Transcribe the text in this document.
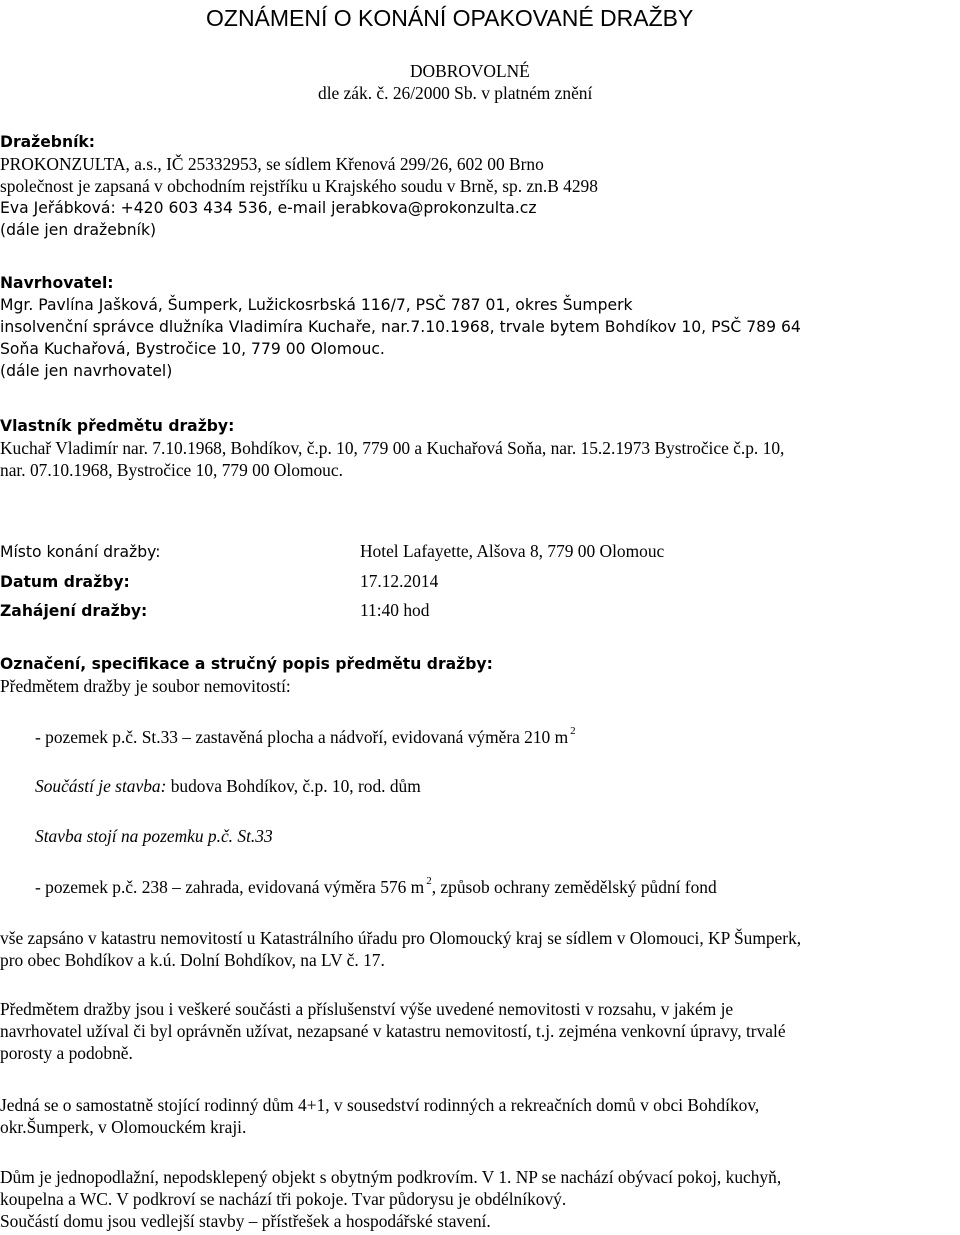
OZNÁMENÍ O KONÁNÍ OPAKOVANÉ DRAŽBY
DOBROVOLNÉ
dle zák. č. 26/2000 Sb. v platném znění
Dražebník:
PROKONZULTA, a.s., IČ 25332953, se sídlem Křenová 299/26, 602 00 Brno
společnost je zapsaná v obchodním rejstříku u Krajského soudu v Brně, sp. zn.B 4298
Eva Jeřábková: +420 603 434 536, e-mail jerabkova@prokonzulta.cz
(dále jen dražebník)
Navrhovatel:
Mgr. Pavlína Jašková, Šumperk, Lužickosrbská 116/7, PSČ 787 01, okres Šumperk
insolvenční správce dlužníka Vladimíra Kuchaře, nar.7.10.1968, trvale bytem Bohdíkov 10, PSČ 789 64
Soňa Kuchařová, Bystročice 10, 779 00 Olomouc.
(dále jen navrhovatel)
Vlastník předmětu dražby:
Kuchař Vladimír nar. 7.10.1968, Bohdíkov, č.p. 10, 779 00 a Kuchařová Soňa, nar. 15.2.1973 Bystročice č.p. 10,
nar. 07.10.1968, Bystročice 10, 779 00 Olomouc.
Místo konání dražby:	Hotel Lafayette, Alšova 8, 779 00 Olomouc
Datum dražby:	17.12.2014
Zahájení dražby:	11:40 hod
Označení, specifikace a stručný popis předmětu dražby:
Předmětem dražby je soubor nemovitostí:
- pozemek p.č. St.33 – zastavěná plocha a nádvoří, evidovaná výměra 210 m $^2$
Součástí je stavba: budova Bohdíkov, č.p. 10, rod. dům
Stavba stojí na pozemku p.č. St.33
- pozemek p.č. 238 – zahrada, evidovaná výměra 576 m $^2$, způsob ochrany zemědělský půdní fond
vše zapsáno v katastru nemovitostí u Katastrálního úřadu pro Olomoucký kraj se sídlem v Olomouci, KP Šumperk,
pro obec Bohdíkov a k.ú. Dolní Bohdíkov, na LV č. 17.
Předmětem dražby jsou i veškeré součásti a příslušenství výše uvedené nemovitosti v rozsahu, v jakém je
navrhovatel užíval či byl oprávněn užívat, nezapsané v katastru nemovitostí, t.j. zejména venkovní úpravy, trvalé
porosty a podobně.
Jedná se o samostatně stojící rodinný dům 4+1, v sousedství rodinných a rekreačních domů v obci Bohdíkov,
okr.Šumperk, v Olomouckém kraji.
Dům je jednopodlažní, nepodsklepený objekt s obytným podkrovím. V 1. NP se nachází obývací pokoj, kuchyň,
koupelna a WC. V podkroví se nachází tři pokoje. Tvar půdorysu je obdélníkový.
Součástí domu jsou vedlejší stavby – přístřešek a hospodářské stavení.
